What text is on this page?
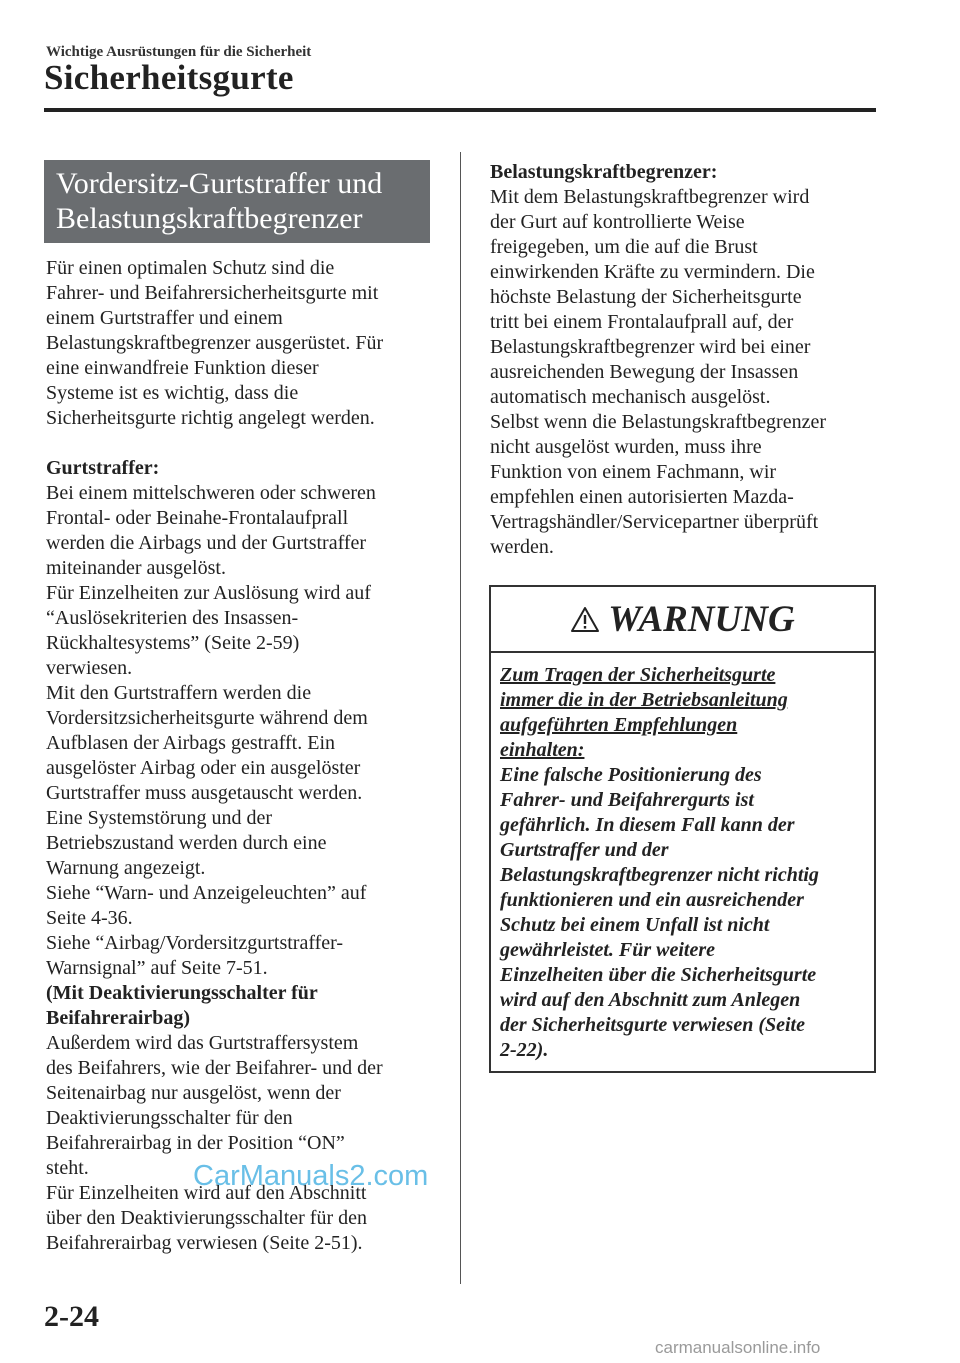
Wichtige Ausrüstungen für die Sicherheit
Sicherheitsgurte
Vordersitz-Gurtstraffer und
Belastungskraftbegrenzer

Für einen optimalen Schutz sind die

Fahrer- und Beifahrersicherheitsgurte mit

einem Gurtstraffer und einem

Belastungskraftbegrenzer ausgerüstet. Für

eine einwandfreie Funktion dieser

Systeme ist es wichtig, dass die

Sicherheitsgurte richtig angelegt werden.

Gurtstraffer:

Bei einem mittelschweren oder schweren

Frontal- oder Beinahe-Frontalaufprall

werden die Airbags und der Gurtstraffer

miteinander ausgelöst.

Für Einzelheiten zur Auslösung wird auf

“Auslösekriterien des Insassen-

Rückhaltesystems” (Seite 2-59)

verwiesen.

Mit den Gurtstraffern werden die

Vordersitzsicherheitsgurte während dem

Aufblasen der Airbags gestrafft. Ein

ausgelöster Airbag oder ein ausgelöster

Gurtstraffer muss ausgetauscht werden.

Eine Systemstörung und der

Betriebszustand werden durch eine

Warnung angezeigt.

Siehe “Warn- und Anzeigeleuchten” auf

Seite 4-36.

Siehe “Airbag/Vordersitzgurtstraffer-

Warnsignal” auf Seite 7-51.

(Mit Deaktivierungsschalter für

Beifahrerairbag)

Außerdem wird das Gurtstraffersystem

des Beifahrers, wie der Beifahrer- und der

Seitenairbag nur ausgelöst, wenn der

Deaktivierungsschalter für den

Beifahrerairbag in der Position “ON”

steht.

Für Einzelheiten wird auf den Abschnitt

über den Deaktivierungsschalter für den

Beifahrerairbag verwiesen (Seite 2-51).

Belastungskraftbegrenzer:

Mit dem Belastungskraftbegrenzer wird

der Gurt auf kontrollierte Weise

freigegeben, um die auf die Brust

einwirkenden Kräfte zu vermindern. Die

höchste Belastung der Sicherheitsgurte

tritt bei einem Frontalaufprall auf, der

Belastungskraftbegrenzer wird bei einer

ausreichenden Bewegung der Insassen

automatisch mechanisch ausgelöst.

Selbst wenn die Belastungskraftbegrenzer

nicht ausgelöst wurden, muss ihre

Funktion von einem Fachmann, wir

empfehlen einen autorisierten Mazda-

Vertragshändler/Servicepartner überprüft

werden.

WARNUNG

Zum Tragen der Sicherheitsgurte

immer die in der Betriebsanleitung

aufgeführten Empfehlungen

einhalten:

Eine falsche Positionierung des

Fahrer- und Beifahrergurts ist

gefährlich. In diesem Fall kann der

Gurtstraffer und der

Belastungskraftbegrenzer nicht richtig

funktionieren und ein ausreichender

Schutz bei einem Unfall ist nicht

gewährleistet. Für weitere

Einzelheiten über die Sicherheitsgurte

wird auf den Abschnitt zum Anlegen

der Sicherheitsgurte verwiesen (Seite

2-22).

CarManuals2.com
2-24
carmanualsonline.info
